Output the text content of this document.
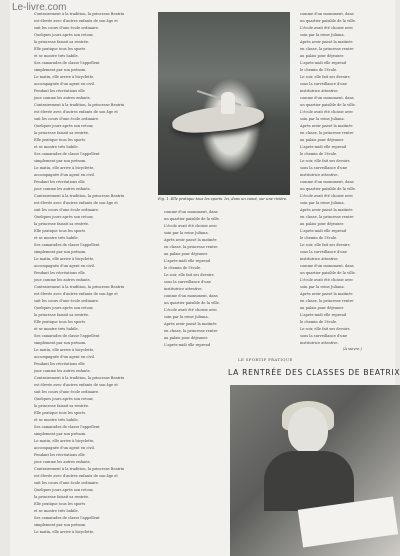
Le-livre.com

Contrairement à la tradition, la princesse Beatrix

est élevée avec d'autres enfants de son âge et

suit les cours d'une école ordinaire.

Quelques jours après son retour,

la princesse faisait sa rentrée.

Elle pratique tous les sports

et se montre très habile.

Ses camarades de classe l'appellent

simplement par son prénom.

Le matin, elle arrive à bicyclette,

accompagnée d'un agent en civil.

Pendant les récréations elle

joue comme les autres enfants.

Contrairement à la tradition, la princesse Beatrix

est élevée avec d'autres enfants de son âge et

suit les cours d'une école ordinaire.

Quelques jours après son retour,

la princesse faisait sa rentrée.

Elle pratique tous les sports

et se montre très habile.

Ses camarades de classe l'appellent

simplement par son prénom.

Le matin, elle arrive à bicyclette,

accompagnée d'un agent en civil.

Pendant les récréations elle

joue comme les autres enfants.

Contrairement à la tradition, la princesse Beatrix

est élevée avec d'autres enfants de son âge et

suit les cours d'une école ordinaire.

Quelques jours après son retour,

la princesse faisait sa rentrée.

Elle pratique tous les sports

et se montre très habile.

Ses camarades de classe l'appellent

simplement par son prénom.

Le matin, elle arrive à bicyclette,

accompagnée d'un agent en civil.

Pendant les récréations elle

joue comme les autres enfants.

Contrairement à la tradition, la princesse Beatrix

est élevée avec d'autres enfants de son âge et

suit les cours d'une école ordinaire.

Quelques jours après son retour,

la princesse faisait sa rentrée.

Elle pratique tous les sports

et se montre très habile.

Ses camarades de classe l'appellent

simplement par son prénom.

Le matin, elle arrive à bicyclette,

accompagnée d'un agent en civil.

Pendant les récréations elle

joue comme les autres enfants.

Contrairement à la tradition, la princesse Beatrix

est élevée avec d'autres enfants de son âge et

suit les cours d'une école ordinaire.

Quelques jours après son retour,

la princesse faisait sa rentrée.

Elle pratique tous les sports

et se montre très habile.

Ses camarades de classe l'appellent

simplement par son prénom.

Le matin, elle arrive à bicyclette,

accompagnée d'un agent en civil.

Pendant les récréations elle

joue comme les autres enfants.

Contrairement à la tradition, la princesse Beatrix

est élevée avec d'autres enfants de son âge et

suit les cours d'une école ordinaire.

Quelques jours après son retour,

la princesse faisait sa rentrée.

Elle pratique tous les sports

et se montre très habile.

Ses camarades de classe l'appellent

simplement par son prénom.

Le matin, elle arrive à bicyclette,

comme d'un monument, dans

un quartier paisible de la ville.

L'école avait été choisie avec

soin par la reine Juliana.

Après avoir passé la matinée

en classe, la princesse rentre

au palais pour déjeuner.

L'après-midi elle reprend

le chemin de l'école.

Le soir, elle fait ses devoirs

sous la surveillance d'une

institutrice attentive.

comme d'un monument, dans

un quartier paisible de la ville.

L'école avait été choisie avec

soin par la reine Juliana.

Après avoir passé la matinée

en classe, la princesse rentre

au palais pour déjeuner.

L'après-midi elle reprend

le chemin de l'école.

Le soir, elle fait ses devoirs

sous la surveillance d'une

institutrice attentive.

comme d'un monument, dans

un quartier paisible de la ville.

L'école avait été choisie avec

soin par la reine Juliana.

Après avoir passé la matinée

en classe, la princesse rentre

au palais pour déjeuner.

L'après-midi elle reprend

le chemin de l'école.

Le soir, elle fait ses devoirs

sous la surveillance d'une

institutrice attentive.

comme d'un monument, dans

un quartier paisible de la ville.

L'école avait été choisie avec

soin par la reine Juliana.

Après avoir passé la matinée

en classe, la princesse rentre

au palais pour déjeuner.

L'après-midi elle reprend

le chemin de l'école.

Le soir, elle fait ses devoirs

sous la surveillance d'une

institutrice attentive.

comme d'un monument, dans

un quartier paisible de la ville.

L'école avait été choisie avec

soin par la reine Juliana.

Après avoir passé la matinée

en classe, la princesse rentre

au palais pour déjeuner.

L'après-midi elle reprend

le chemin de l'école.

Le soir, elle fait ses devoirs

sous la surveillance d'une

institutrice attentive.

comme d'un monument, dans

un quartier paisible de la ville.

L'école avait été choisie avec

soin par la reine Juliana.

Après avoir passé la matinée

en classe, la princesse rentre

au palais pour déjeuner.

L'après-midi elle reprend

Fig. 1. Elle pratique tous les sports. Ici, dans un canot, sur une rivière.
(À suivre.)
LE SPORTIF PRATIQUE
LA RENTRÉE DES CLASSES DE BEATRIX
